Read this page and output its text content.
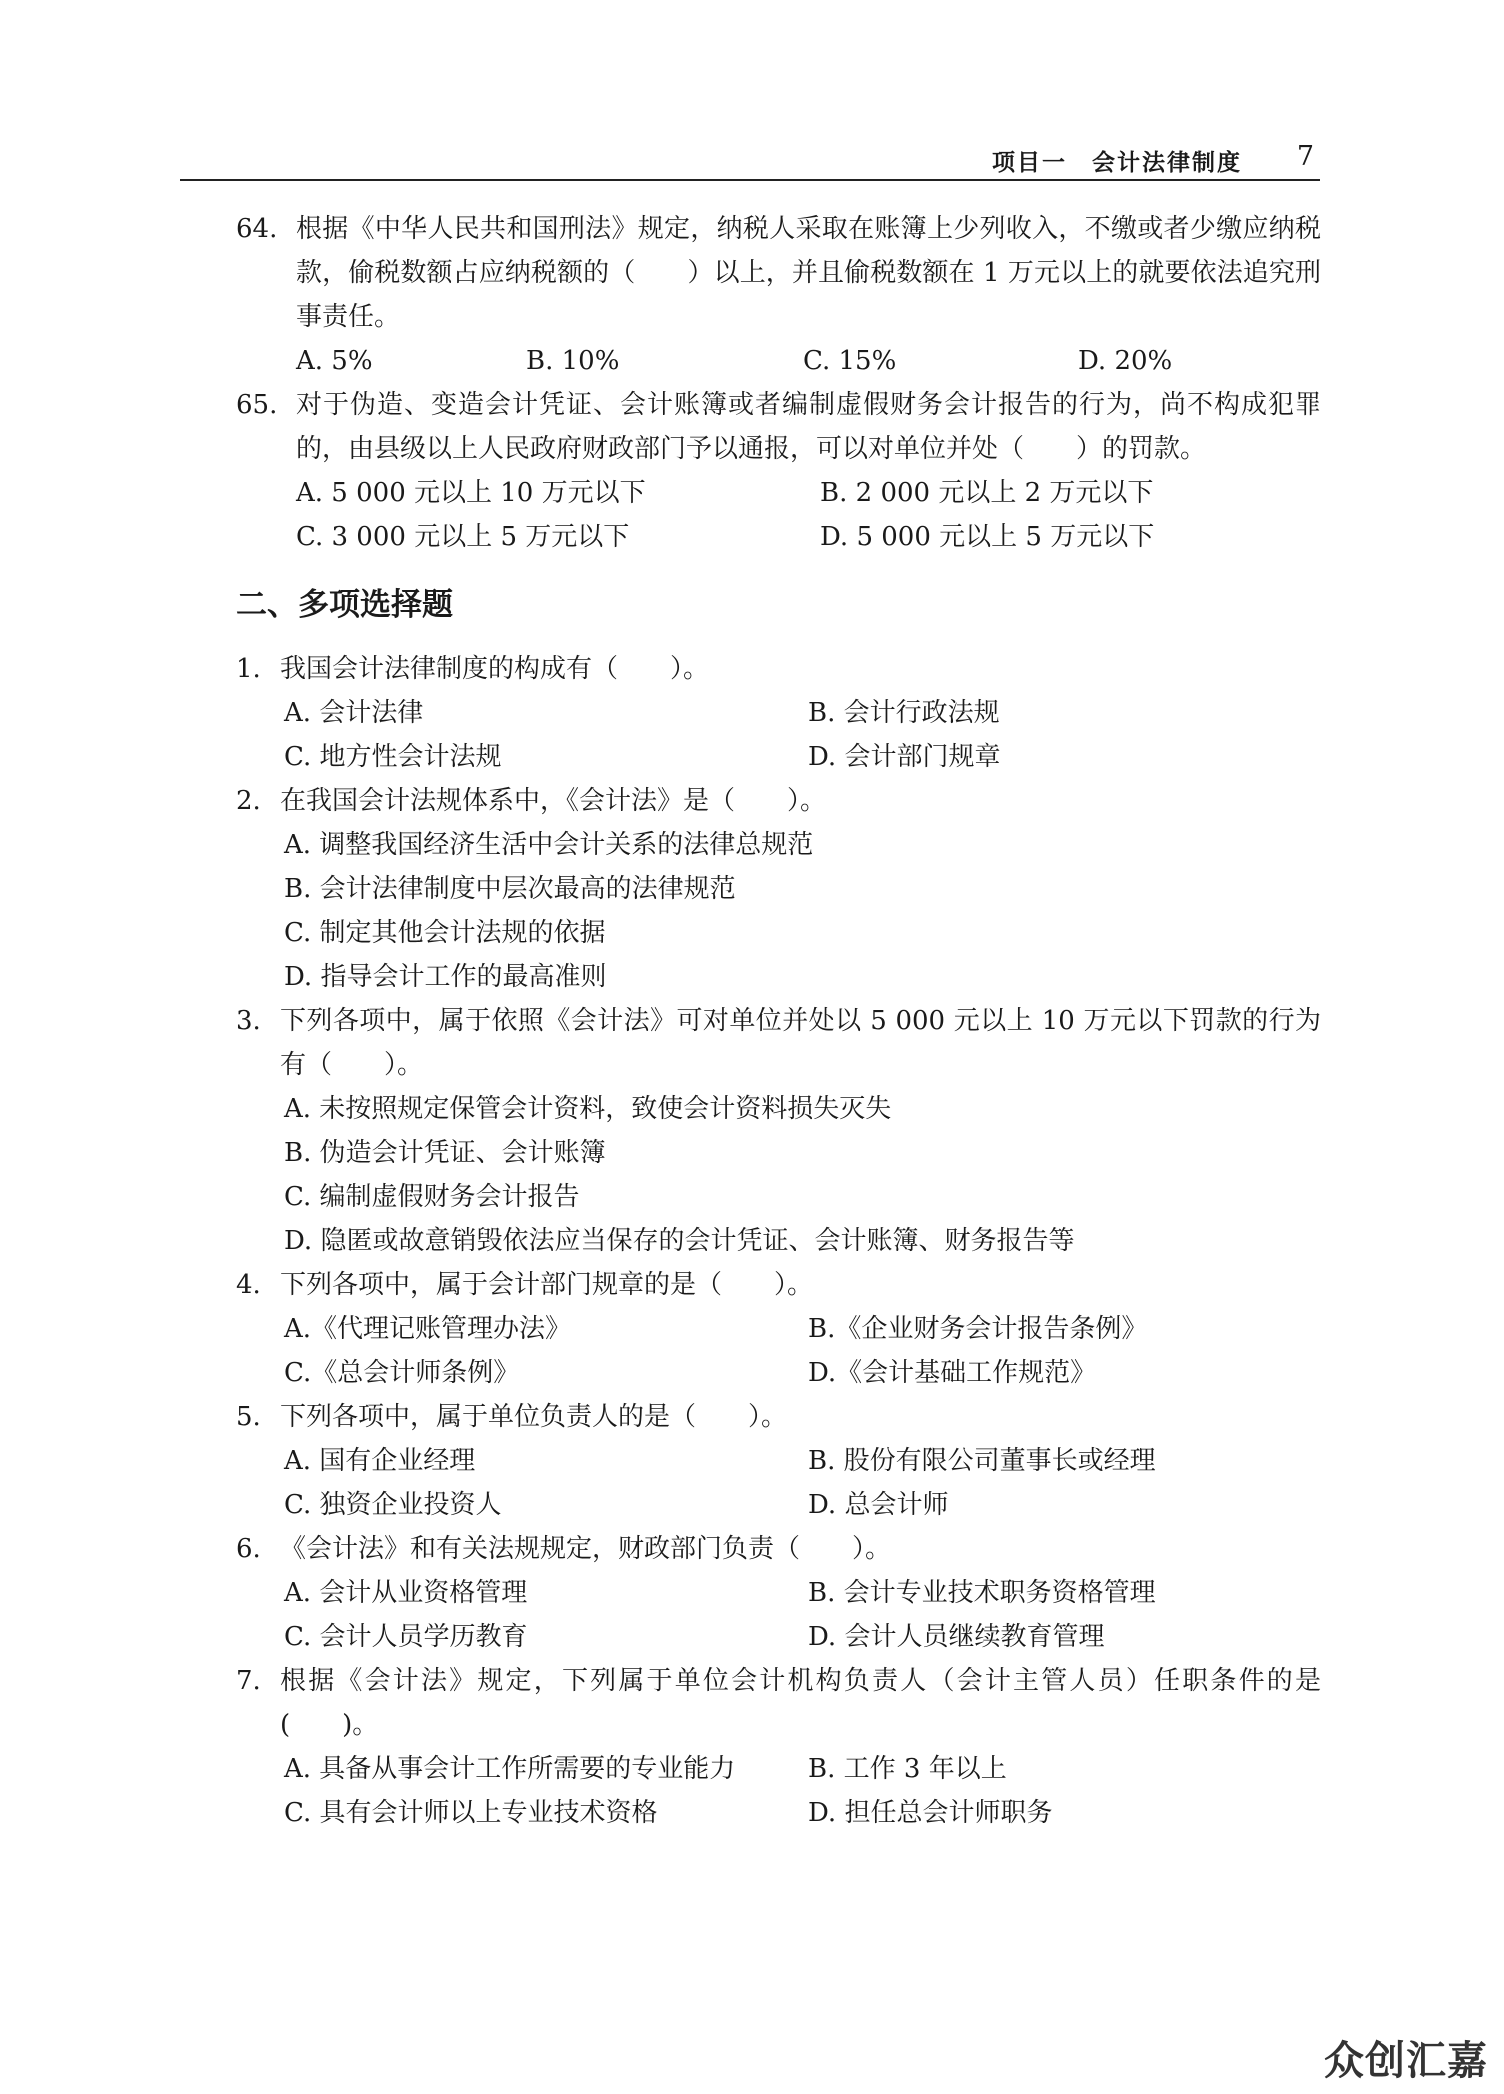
项目一　会计法律制度 7
64. 根据《中华人民共和国刑法》规定，纳税人采取在账簿上少列收入，不缴或者少缴应纳税款，偷税数额占应纳税额的（　　）以上，并且偷税数额在 1 万元以上的就要依法追究刑事责任。
A. 5%	B. 10%	C. 15%	D. 20%
65. 对于伪造、变造会计凭证、会计账簿或者编制虚假财务会计报告的行为，尚不构成犯罪的，由县级以上人民政府财政部门予以通报，可以对单位并处（　　）的罚款。
A. 5 000 元以上 10 万元以下	B. 2 000 元以上 2 万元以下
C. 3 000 元以上 5 万元以下	D. 5 000 元以上 5 万元以下
二、多项选择题
1. 我国会计法律制度的构成有（　　）。
A. 会计法律	B. 会计行政法规
C. 地方性会计法规	D. 会计部门规章
2. 在我国会计法规体系中，《会计法》是（　　）。
A. 调整我国经济生活中会计关系的法律总规范
B. 会计法律制度中层次最高的法律规范
C. 制定其他会计法规的依据
D. 指导会计工作的最高准则
3. 下列各项中，属于依照《会计法》可对单位并处以 5 000 元以上 10 万元以下罚款的行为有（　　）。
A. 未按照规定保管会计资料，致使会计资料损失灭失
B. 伪造会计凭证、会计账簿
C. 编制虚假财务会计报告
D. 隐匿或故意销毁依法应当保存的会计凭证、会计账簿、财务报告等
4. 下列各项中，属于会计部门规章的是（　　）。
A.《代理记账管理办法》	B.《企业财务会计报告条例》
C.《总会计师条例》	D.《会计基础工作规范》
5. 下列各项中，属于单位负责人的是（　　）。
A. 国有企业经理	B. 股份有限公司董事长或经理
C. 独资企业投资人	D. 总会计师
6. 《会计法》和有关法规规定，财政部门负责（　　）。
A. 会计从业资格管理	B. 会计专业技术职务资格管理
C. 会计人员学历教育	D. 会计人员继续教育管理
7. 根据《会计法》规定，下列属于单位会计机构负责人（会计主管人员）任职条件的是(　　)。
A. 具备从事会计工作所需要的专业能力	B. 工作 3 年以上
C. 具有会计师以上专业技术资格	D. 担任总会计师职务
众创汇嘉
